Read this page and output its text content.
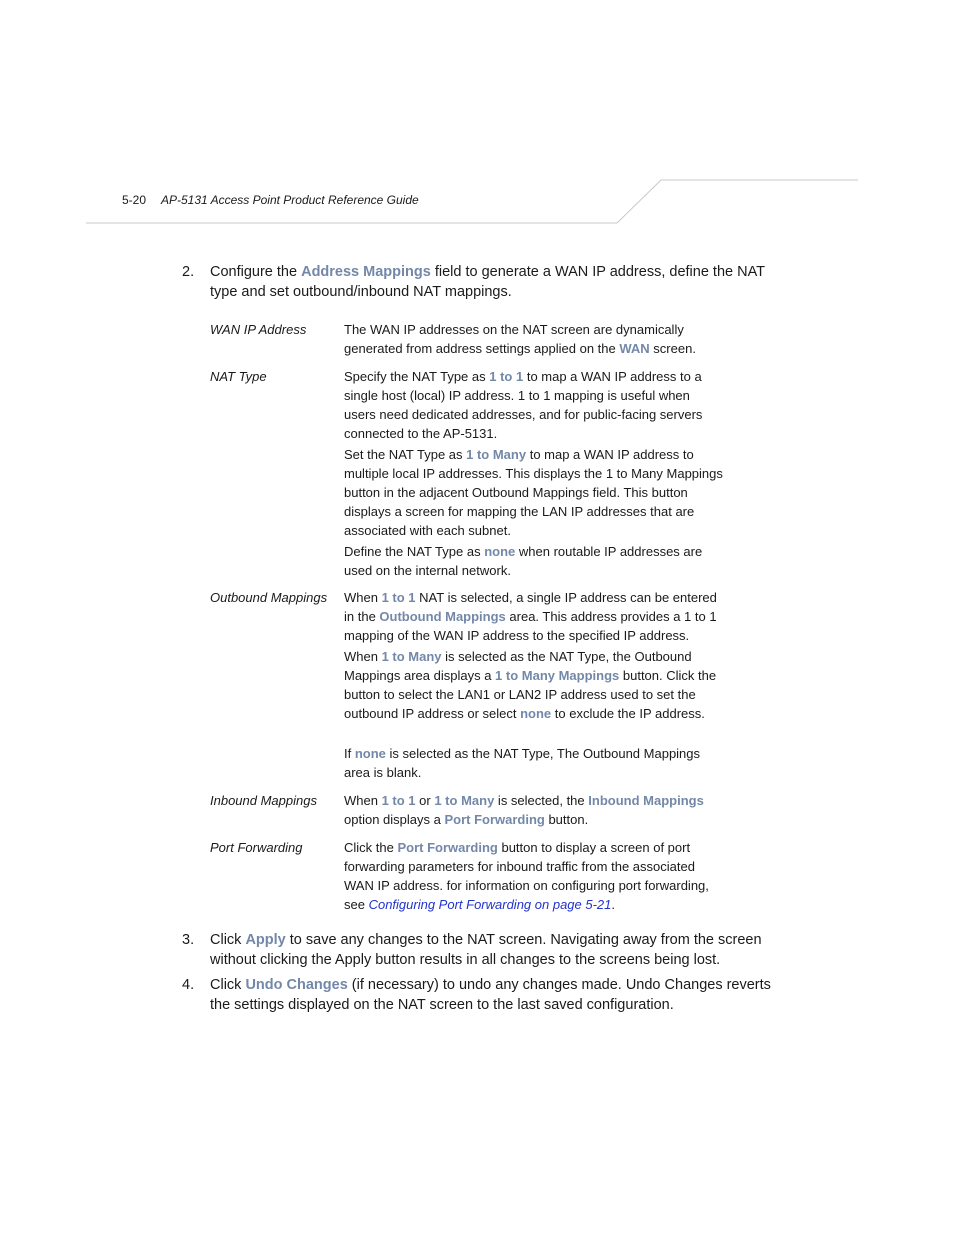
5-20 AP-5131 Access Point Product Reference Guide
2. Configure the Address Mappings field to generate a WAN IP address, define the NAT type and set outbound/inbound NAT mappings.
WAN IP Address	The WAN IP addresses on the NAT screen are dynamically generated from address settings applied on the WAN screen.

NAT Type	Specify the NAT Type as 1 to 1 to map a WAN IP address to a single host (local) IP address. 1 to 1 mapping is useful when users need dedicated addresses, and for public-facing servers connected to the AP-5131.

Set the NAT Type as 1 to Many to map a WAN IP address to multiple local IP addresses. This displays the 1 to Many Mappings button in the adjacent Outbound Mappings field. This button displays a screen for mapping the LAN IP addresses that are associated with each subnet.

Define the NAT Type as none when routable IP addresses are used on the internal network.

Outbound Mappings	When 1 to 1 NAT is selected, a single IP address can be entered in the Outbound Mappings area. This address provides a 1 to 1 mapping of the WAN IP address to the specified IP address.

When 1 to Many is selected as the NAT Type, the Outbound Mappings area displays a 1 to Many Mappings button. Click the button to select the LAN1 or LAN2 IP address used to set the outbound IP address or select none to exclude the IP address.

If none is selected as the NAT Type, The Outbound Mappings area is blank.

Inbound Mappings	When 1 to 1 or 1 to Many is selected, the Inbound Mappings option displays a Port Forwarding button.

Port Forwarding	Click the Port Forwarding button to display a screen of port forwarding parameters for inbound traffic from the associated WAN IP address. for information on configuring port forwarding, see Configuring Port Forwarding on page 5-21.

3. Click Apply to save any changes to the NAT screen. Navigating away from the screen without clicking the Apply button results in all changes to the screens being lost.
4. Click Undo Changes (if necessary) to undo any changes made. Undo Changes reverts the settings displayed on the NAT screen to the last saved configuration.
